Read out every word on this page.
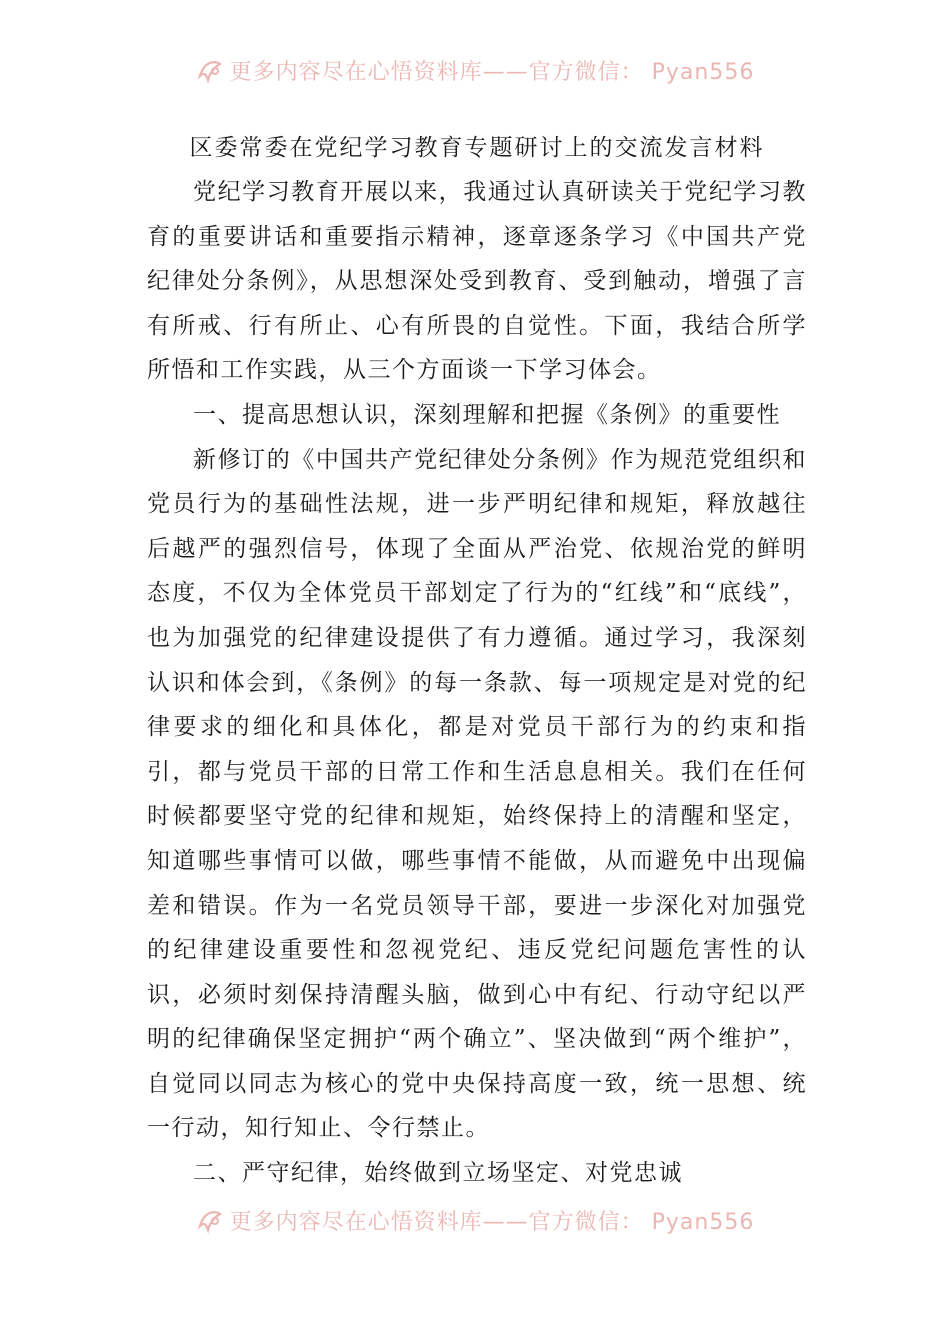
更多内容尽在心悟资料库——官方微信： Pyan556
区委常委在党纪学习教育专题研讨上的交流发言材料

党纪学习教育开展以来，我通过认真研读关于党纪学习教育的重要讲话和重要指示精神，逐章逐条学习《中国共产党纪律处分条例》，从思想深处受到教育、受到触动，增强了言有所戒、行有所止、心有所畏的自觉性。下面，我结合所学所悟和工作实践，从三个方面谈一下学习体会。

一、提高思想认识，深刻理解和把握《条例》的重要性

新修订的《中国共产党纪律处分条例》作为规范党组织和党员行为的基础性法规，进一步严明纪律和规矩，释放越往后越严的强烈信号，体现了全面从严治党、依规治党的鲜明态度，不仅为全体党员干部划定了行为的“红线”和“底线”，也为加强党的纪律建设提供了有力遵循。通过学习，我深刻认识和体会到，《条例》的每一条款、每一项规定是对党的纪律要求的细化和具体化，都是对党员干部行为的约束和指引，都与党员干部的日常工作和生活息息相关。我们在任何时候都要坚守党的纪律和规矩，始终保持上的清醒和坚定，知道哪些事情可以做，哪些事情不能做，从而避免中出现偏差和错误。作为一名党员领导干部，要进一步深化对加强党的纪律建设重要性和忽视党纪、违反党纪问题危害性的认识，必须时刻保持清醒头脑，做到心中有纪、行动守纪以严明的纪律确保坚定拥护“两个确立”、坚决做到“两个维护”，自觉同以同志为核心的党中央保持高度一致，统一思想、统一行动，知行知止、令行禁止。

二、严守纪律，始终做到立场坚定、对党忠诚

更多内容尽在心悟资料库——官方微信： Pyan556
